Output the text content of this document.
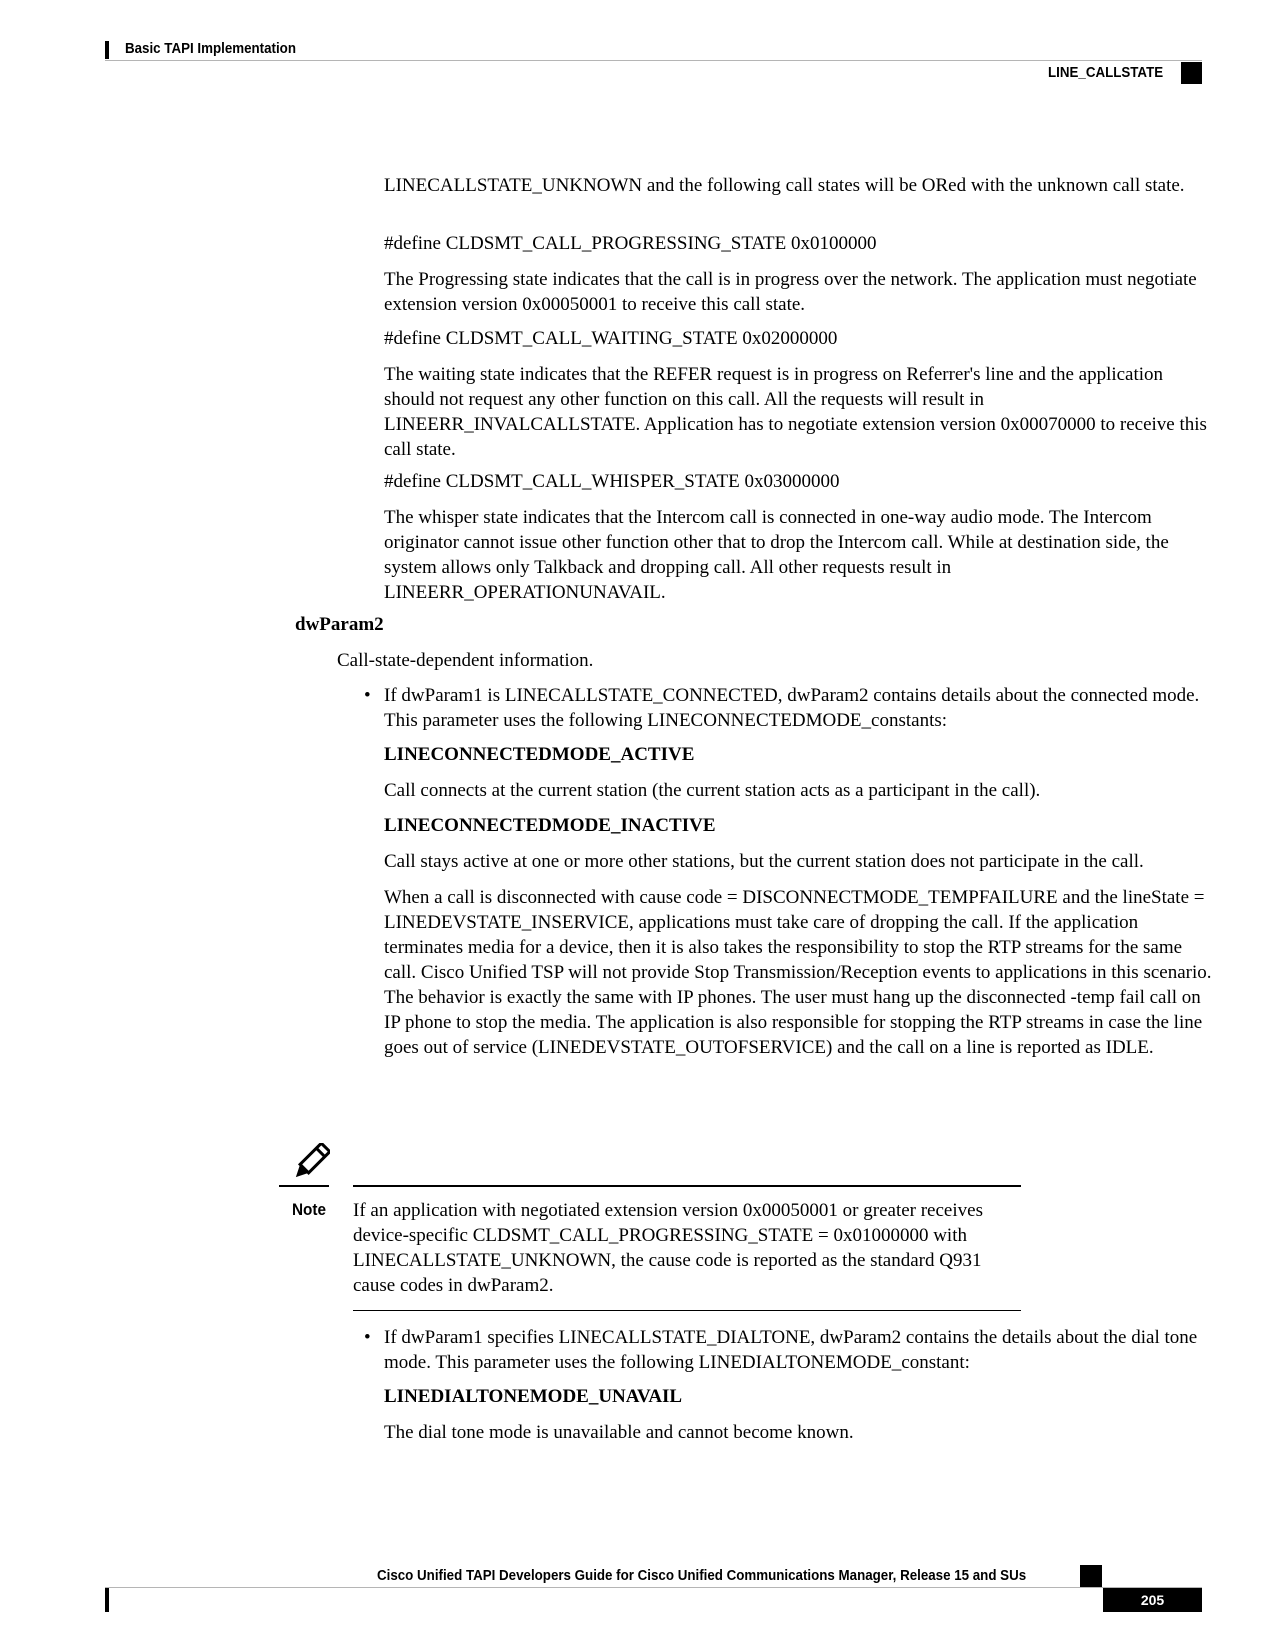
Basic TAPI Implementation
LINE_CALLSTATE

LINECALLSTATE_UNKNOWN and the following call states will be ORed with the unknown call state.

#define CLDSMT_CALL_PROGRESSING_STATE 0x0100000

The Progressing state indicates that the call is in progress over the network. The application must negotiate extension version 0x00050001 to receive this call state.

#define CLDSMT_CALL_WAITING_STATE 0x02000000

The waiting state indicates that the REFER request is in progress on Referrer's line and the application should not request any other function on this call. All the requests will result in LINEERR_INVALCALLSTATE. Application has to negotiate extension version 0x00070000 to receive this call state.

#define CLDSMT_CALL_WHISPER_STATE 0x03000000

The whisper state indicates that the Intercom call is connected in one-way audio mode. The Intercom originator cannot issue other function other that to drop the Intercom call. While at destination side, the system allows only Talkback and dropping call. All other requests result in LINEERR_OPERATIONUNAVAIL.

dwParam2

Call-state-dependent information.

• If dwParam1 is LINECALLSTATE_CONNECTED, dwParam2 contains details about the connected mode. This parameter uses the following LINECONNECTEDMODE_constants:

LINECONNECTEDMODE_ACTIVE

Call connects at the current station (the current station acts as a participant in the call).

LINECONNECTEDMODE_INACTIVE

Call stays active at one or more other stations, but the current station does not participate in the call.

When a call is disconnected with cause code = DISCONNECTMODE_TEMPFAILURE and the lineState = LINEDEVSTATE_INSERVICE, applications must take care of dropping the call. If the application terminates media for a device, then it is also takes the responsibility to stop the RTP streams for the same call. Cisco Unified TSP will not provide Stop Transmission/Reception events to applications in this scenario. The behavior is exactly the same with IP phones. The user must hang up the disconnected -temp fail call on IP phone to stop the media. The application is also responsible for stopping the RTP streams in case the line goes out of service (LINEDEVSTATE_OUTOFSERVICE) and the call on a line is reported as IDLE.

Note If an application with negotiated extension version 0x00050001 or greater receives device-specific CLDSMT_CALL_PROGRESSING_STATE = 0x01000000 with LINECALLSTATE_UNKNOWN, the cause code is reported as the standard Q931 cause codes in dwParam2.

• If dwParam1 specifies LINECALLSTATE_DIALTONE, dwParam2 contains the details about the dial tone mode. This parameter uses the following LINEDIALTONEMODE_constant:

LINEDIALTONEMODE_UNAVAIL

The dial tone mode is unavailable and cannot become known.

Cisco Unified TAPI Developers Guide for Cisco Unified Communications Manager, Release 15 and SUs
205
